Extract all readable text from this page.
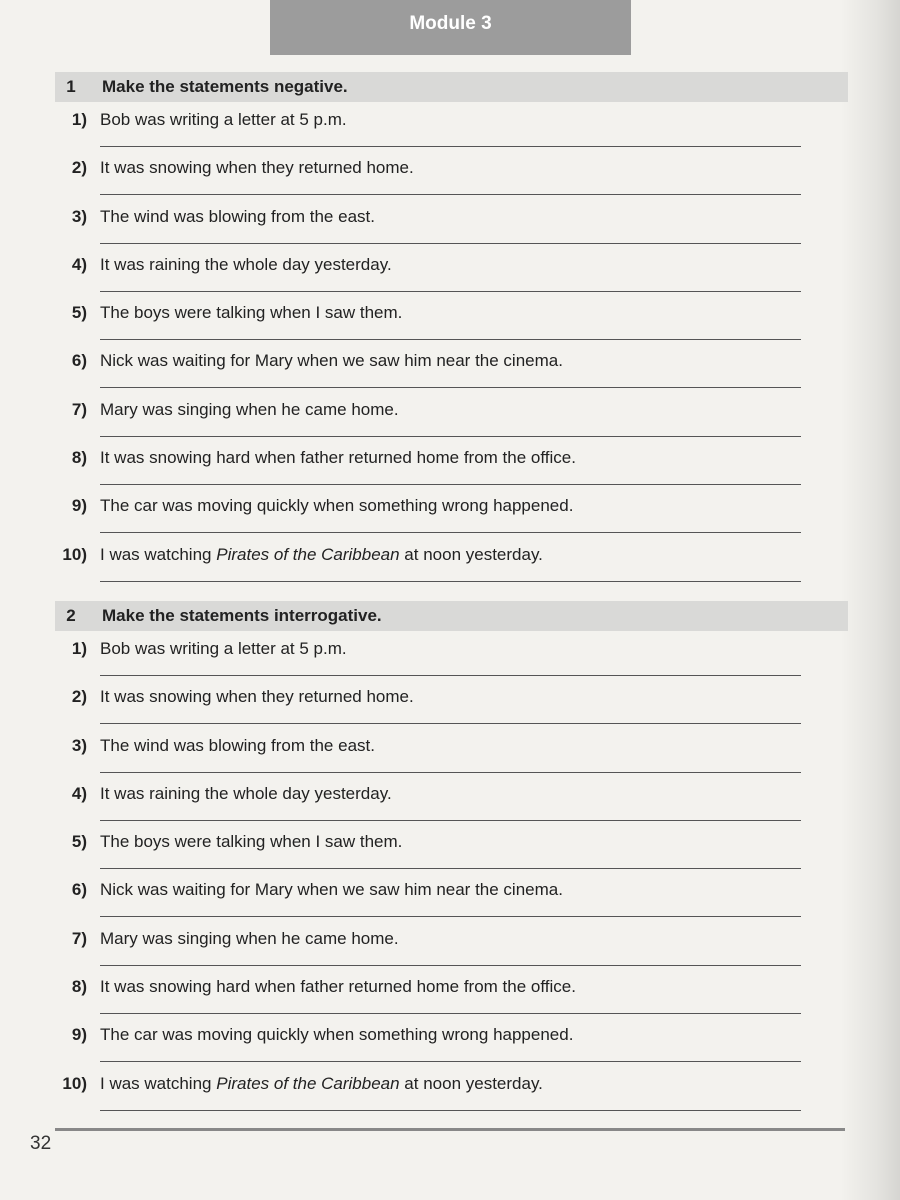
Module 3
1	Make the statements negative.
1) Bob was writing a letter at 5 p.m.
2) It was snowing when they returned home.
3) The wind was blowing from the east.
4) It was raining the whole day yesterday.
5) The boys were talking when I saw them.
6) Nick was waiting for Mary when we saw him near the cinema.
7) Mary was singing when he came home.
8) It was snowing hard when father returned home from the office.
9) The car was moving quickly when something wrong happened.
10) I was watching Pirates of the Caribbean at noon yesterday.
2	Make the statements interrogative.
1) Bob was writing a letter at 5 p.m.
2) It was snowing when they returned home.
3) The wind was blowing from the east.
4) It was raining the whole day yesterday.
5) The boys were talking when I saw them.
6) Nick was waiting for Mary when we saw him near the cinema.
7) Mary was singing when he came home.
8) It was snowing hard when father returned home from the office.
9) The car was moving quickly when something wrong happened.
10) I was watching Pirates of the Caribbean at noon yesterday.
32
